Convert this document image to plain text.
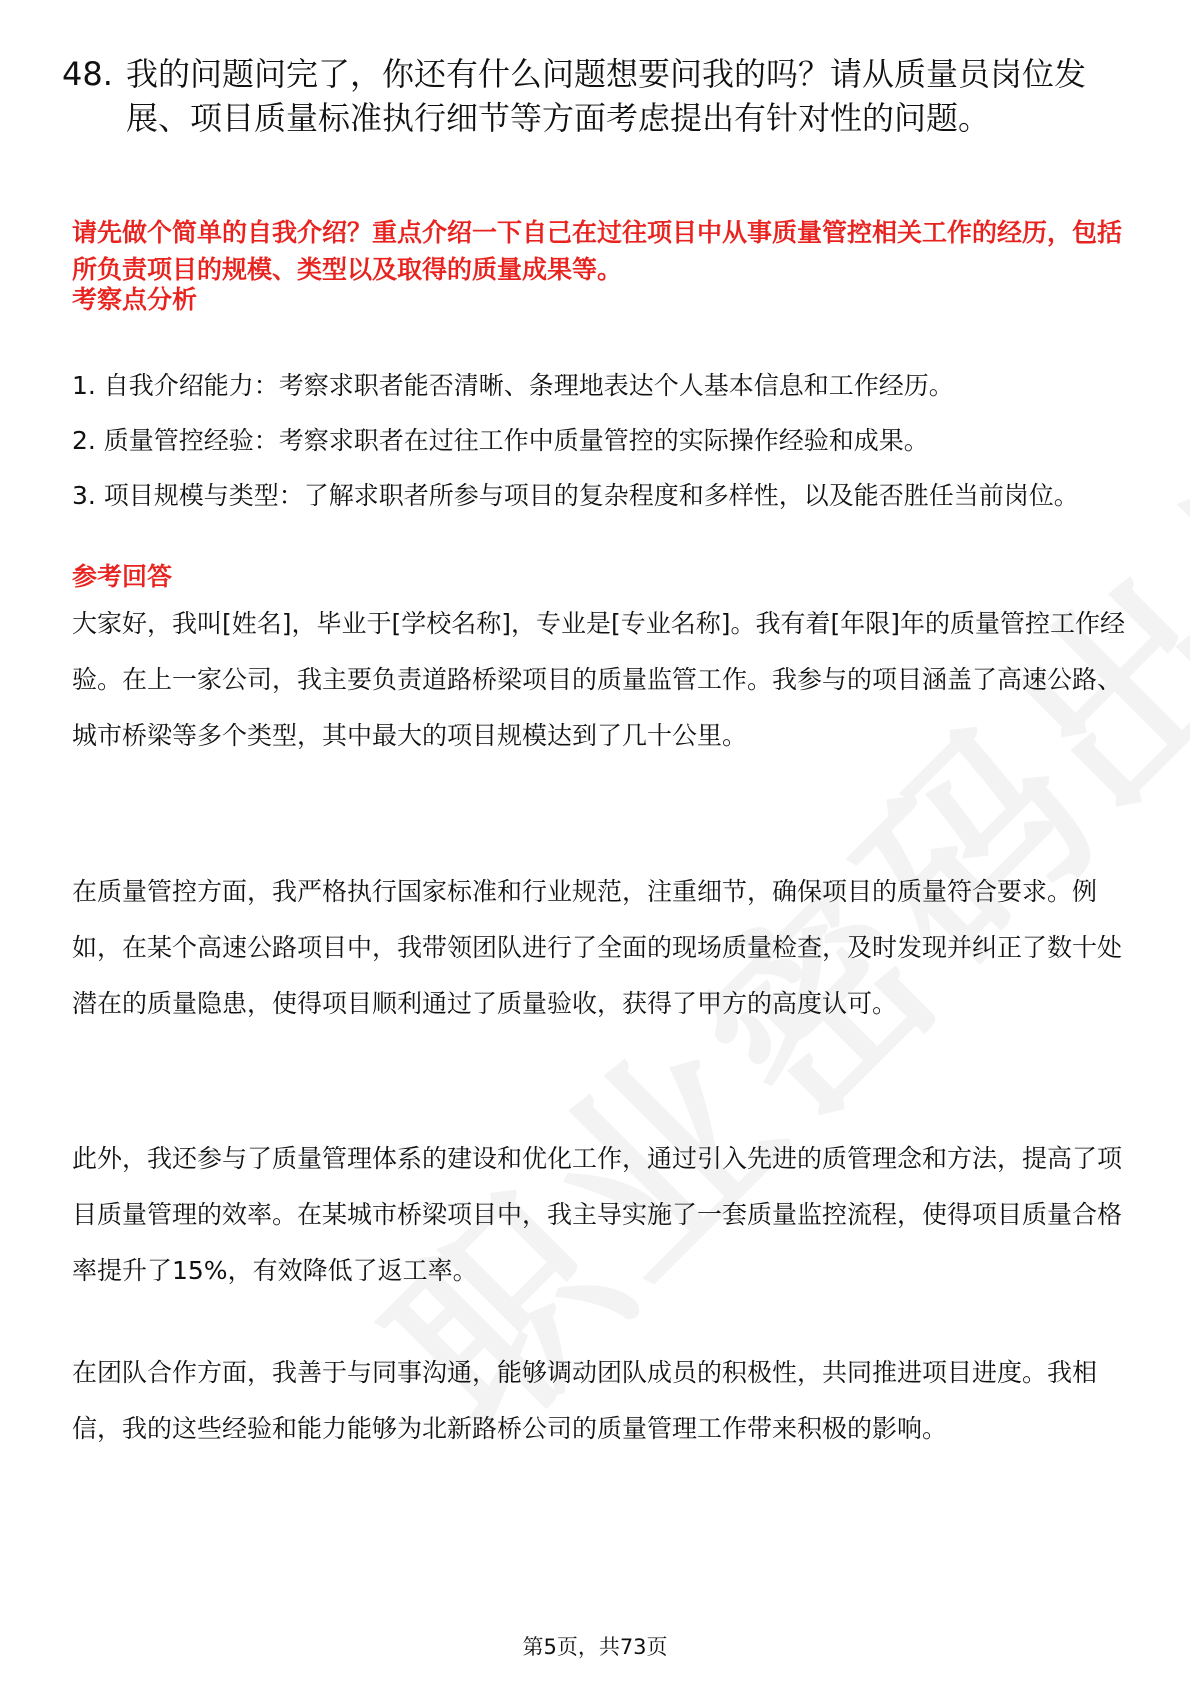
48. 我的问题问完了，你还有什么问题想要问我的吗？请从质量员岗位发展、项目质量标准执行细节等方面考虑提出有针对性的问题。

请先做个简单的自我介绍？重点介绍一下自己在过往项目中从事质量管控相关工作的经历，包括所负责项目的规模、类型以及取得的质量成果等。

考察点分析
1. 自我介绍能力：考察求职者能否清晰、条理地表达个人基本信息和工作经历。
2. 质量管控经验：考察求职者在过往工作中质量管控的实际操作经验和成果。
3. 项目规模与类型：了解求职者所参与项目的复杂程度和多样性，以及能否胜任当前岗位。
参考回答

大家好，我叫[姓名]，毕业于[学校名称]，专业是[专业名称]。我有着[年限]年的质量管控工作经验。在上一家公司，我主要负责道路桥梁项目的质量监管工作。我参与的项目涵盖了高速公路、城市桥梁等多个类型，其中最大的项目规模达到了几十公里。

在质量管控方面，我严格执行国家标准和行业规范，注重细节，确保项目的质量符合要求。例如，在某个高速公路项目中，我带领团队进行了全面的现场质量检查，及时发现并纠正了数十处潜在的质量隐患，使得项目顺利通过了质量验收，获得了甲方的高度认可。

此外，我还参与了质量管理体系的建设和优化工作，通过引入先进的质管理念和方法，提高了项目质量管理的效率。在某城市桥梁项目中，我主导实施了一套质量监控流程，使得项目质量合格率提升了15%，有效降低了返工率。

在团队合作方面，我善于与同事沟通，能够调动团队成员的积极性，共同推进项目进度。我相信，我的这些经验和能力能够为北新路桥公司的质量管理工作带来积极的影响。

第5页，共73页
